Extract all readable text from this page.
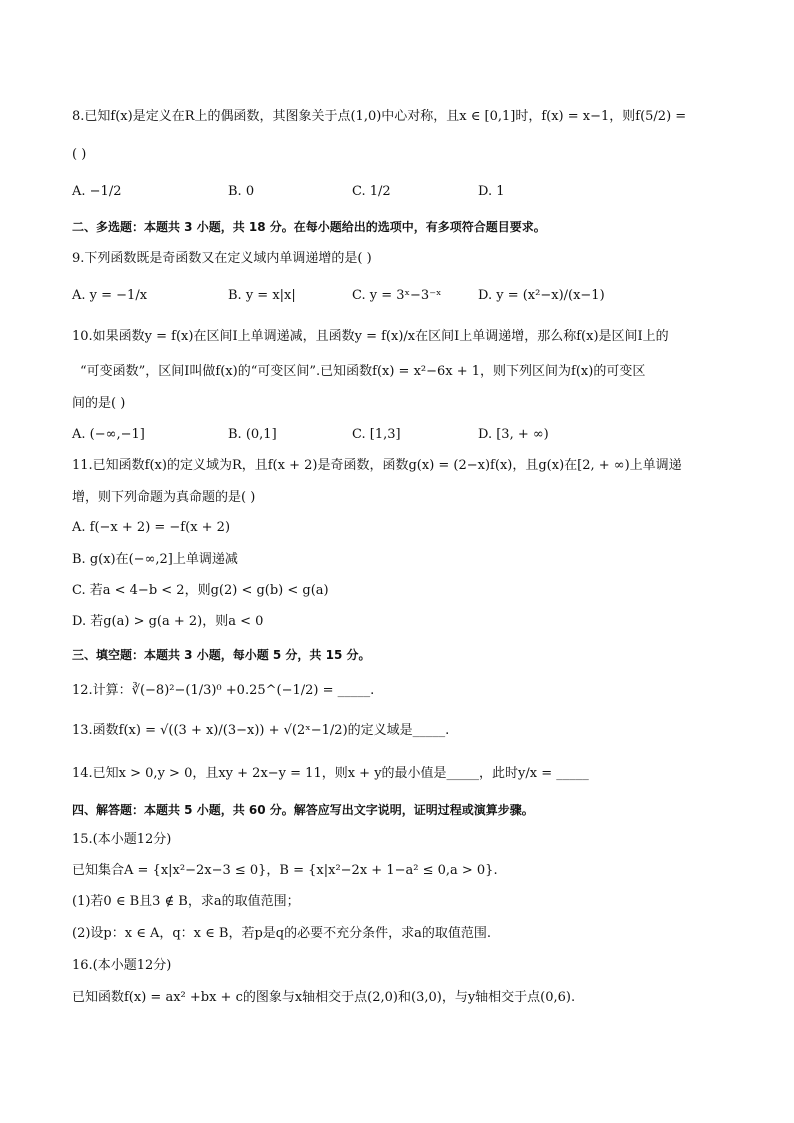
8.已知f(x)是定义在R上的偶函数，其图象关于点(1,0)中心对称，且x ∈ [0,1]时，f(x) = x−1，则f(5/2) =
( )
A. −1/2	B. 0	C. 1/2	D. 1
二、多选题：本题共 3 小题，共 18 分。在每小题给出的选项中，有多项符合题目要求。
9.下列函数既是奇函数又在定义域内单调递增的是( )
A. y = −1/x	B. y = x|x|	C. y = 3ˣ−3⁻ˣ	D. y = (x²−x)/(x−1)
10.如果函数y = f(x)在区间I上单调递减，且函数y = f(x)/x在区间I上单调递增，那么称f(x)是区间I上的
“可变函数”，区间I叫做f(x)的“可变区间”.已知函数f(x) = x²−6x + 1，则下列区间为f(x)的可变区
间的是( )
A. (−∞,−1]	B. (0,1]	C. [1,3]	D. [3, + ∞)
11.已知函数f(x)的定义域为R，且f(x + 2)是奇函数，函数g(x) = (2−x)f(x)，且g(x)在[2, + ∞)上单调递
增，则下列命题为真命题的是( )
A. f(−x + 2) = −f(x + 2)
B. g(x)在(−∞,2]上单调递减
C. 若a < 4−b < 2，则g(2) < g(b) < g(a)
D. 若g(a) > g(a + 2)，则a < 0
三、填空题：本题共 3 小题，每小题 5 分，共 15 分。
12.计算：∛(−8)²−(1/3)⁰ +0.25^(−1/2) = _____.
13.函数f(x) = √((3 + x)/(3−x)) + √(2ˣ−1/2)的定义域是_____.
14.已知x > 0,y > 0，且xy + 2x−y = 11，则x + y的最小值是_____，此时y/x = _____
四、解答题：本题共 5 小题，共 60 分。解答应写出文字说明，证明过程或演算步骤。
15.(本小题12分)
已知集合A = {x|x²−2x−3 ≤ 0}，B = {x|x²−2x + 1−a² ≤ 0,a > 0}.
(1)若0 ∈ B且3 ∉ B，求a的取值范围；
(2)设p：x ∈ A，q：x ∈ B，若p是q的必要不充分条件，求a的取值范围.
16.(本小题12分)
已知函数f(x) = ax² +bx + c的图象与x轴相交于点(2,0)和(3,0)，与y轴相交于点(0,6).
